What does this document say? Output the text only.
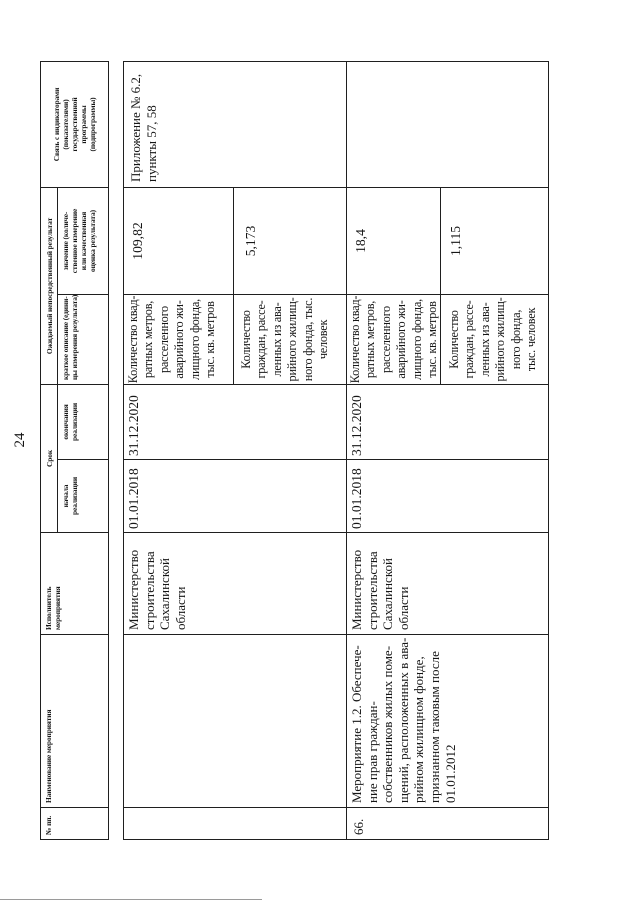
24
№ пп.
Наименование мероприятия
Исполнитель
мероприятия
Срок
начала
реализации
окончания
реализации
Ожидаемый непосредственный результат
краткое описание (едини-
цы измерения результата)
значение (количе-
ственное измерение
или качественная
оценка результата)
Связь с индикаторами
(показателями)
государственной
программы
(подпрограммы)
Министерство
строительства
Сахалинской
области
01.01.2018
31.12.2020
Количество квад-
ратных метров,
расселенного
аварийного жи-
лищного фонда,
тыс. кв. метров
109,82
Количество
граждан, рассе-
ленных из ава-
рийного жилищ-
ного фонда, тыс.
человек
5,173
Приложение № 6.2,
пункты 57, 58
66.
Мероприятие 1.2. Обеспече-
ние прав граждан-
собственников жилых поме-
щений, расположенных в ава-
рийном жилищном фонде,
признанном таковым после
01.01.2012
Министерство
строительства
Сахалинской
области
01.01.2018
31.12.2020
Количество квад-
ратных метров,
расселенного
аварийного жи-
лищного фонда,
тыс. кв. метров
18,4
Количество
граждан, рассе-
ленных из ава-
рийного жилищ-
ного фонда,
тыс. человек
1,115
